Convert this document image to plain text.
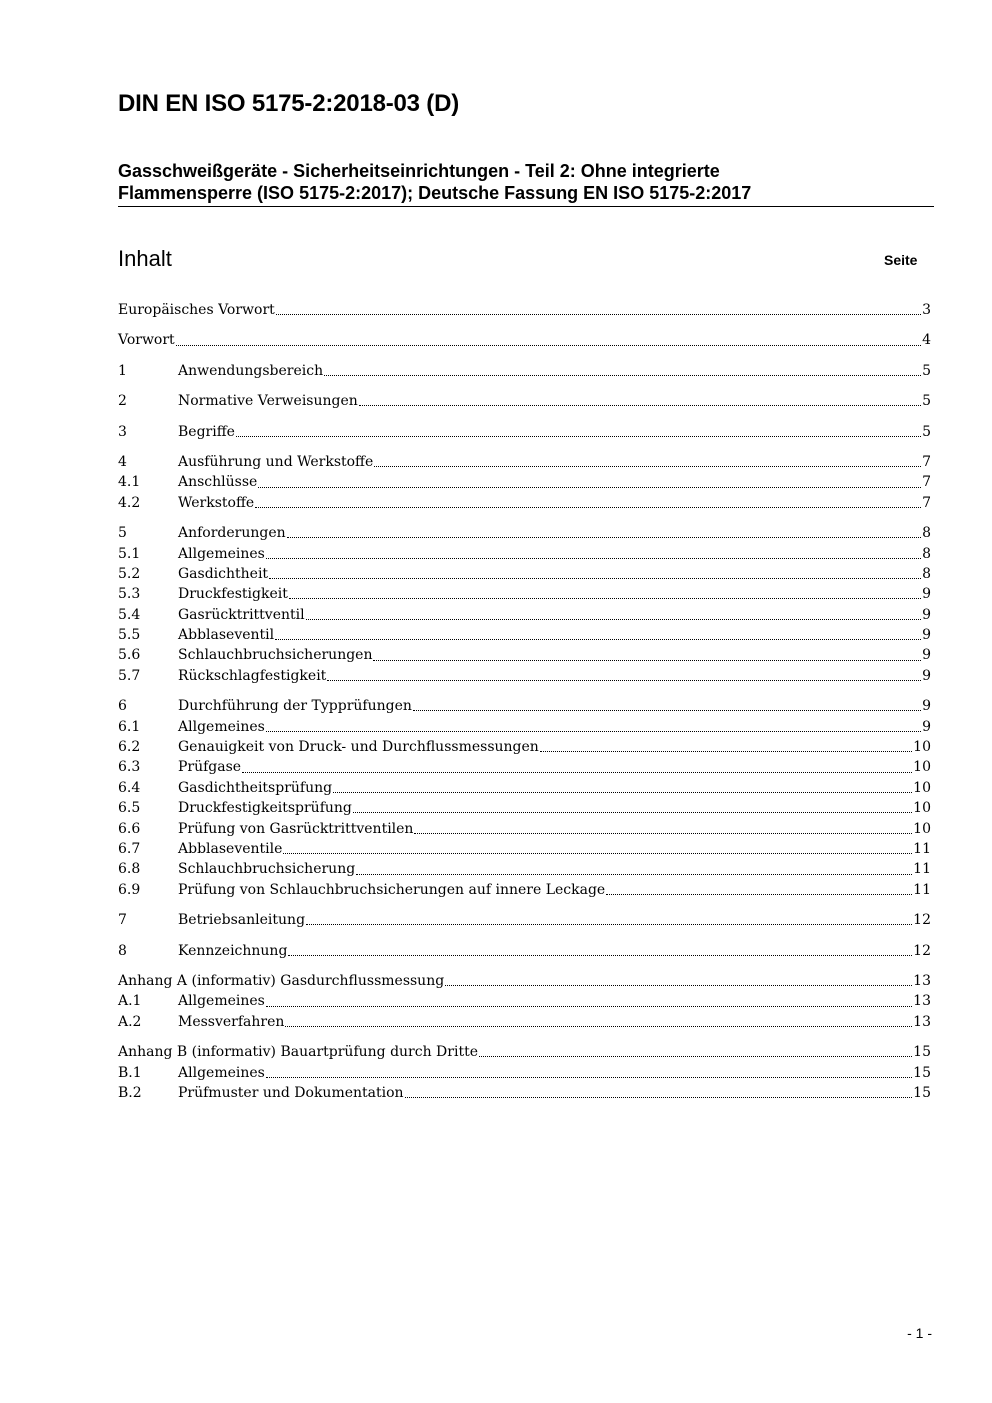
DIN EN ISO 5175-2:2018-03 (D)
Gasschweißgeräte - Sicherheitseinrichtungen - Teil 2: Ohne integrierte
Flammensperre (ISO 5175-2:2017); Deutsche Fassung EN ISO 5175-2:2017
Inhalt	Seite
Europäisches Vorwort	3
Vorwort	4
1	Anwendungsbereich	5
2	Normative Verweisungen	5
3	Begriffe	5
4	Ausführung und Werkstoffe	7
4.1	Anschlüsse	7
4.2	Werkstoffe	7
5	Anforderungen	8
5.1	Allgemeines	8
5.2	Gasdichtheit	8
5.3	Druckfestigkeit	9
5.4	Gasrücktrittventil	9
5.5	Abblaseventil	9
5.6	Schlauchbruchsicherungen	9
5.7	Rückschlagfestigkeit	9
6	Durchführung der Typprüfungen	9
6.1	Allgemeines	9
6.2	Genauigkeit von Druck- und Durchflussmessungen	10
6.3	Prüfgase	10
6.4	Gasdichtheitsprüfung	10
6.5	Druckfestigkeitsprüfung	10
6.6	Prüfung von Gasrücktrittventilen	10
6.7	Abblaseventile	11
6.8	Schlauchbruchsicherung	11
6.9	Prüfung von Schlauchbruchsicherungen auf innere Leckage	11
7	Betriebsanleitung	12
8	Kennzeichnung	12
Anhang A (informativ) Gasdurchflussmessung	13
A.1	Allgemeines	13
A.2	Messverfahren	13
Anhang B (informativ) Bauartprüfung durch Dritte	15
B.1	Allgemeines	15
B.2	Prüfmuster und Dokumentation	15
- 1 -
